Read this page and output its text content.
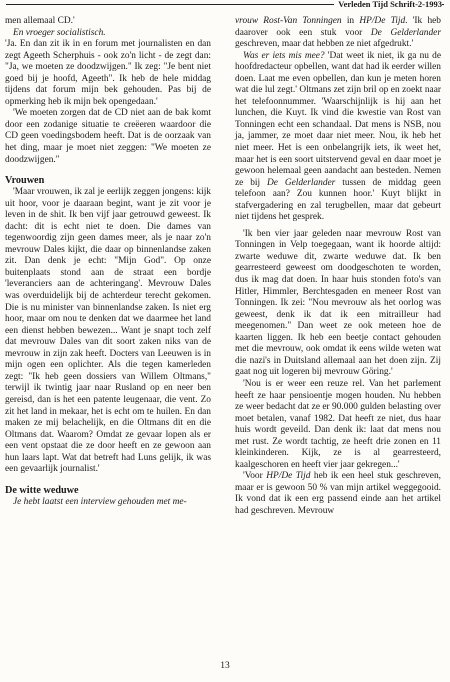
Verleden Tijd Schrift-2-1993

men allemaal CD.'

En vroeger socialistisch.

'Ja. En dan zit ik in en forum met journalisten en dan zegt Ageeth Scherphuis - ook zo'n licht - de zegt dan: "Ja, we moeten ze doodzwijgen." Ik zeg: "Je bent niet goed bij je hoofd, Ageeth". Ik heb de hele middag tijdens dat forum mijn bek gehouden. Pas bij de opmerking heb ik mijn bek opengedaan.'

'We moeten zorgen dat de CD niet aan de bak komt door een zodanige situatie te creëeren waardoor die CD geen voedingsbodem heeft. Dat is de oorzaak van het ding, maar je moet niet zeggen: "We moeten ze doodzwijgen."

Vrouwen

'Maar vrouwen, ik zal je eerlijk zeggen jongens: kijk uit hoor, voor je daaraan begint, want je zit voor je leven in de shit. Ik ben vijf jaar getrouwd geweest. Ik dacht: dit is echt niet te doen. Die dames van tegenwoordig zijn geen dames meer, als je naar zo'n mevrouw Dales kijkt, die daar op binnenlandse zaken zit. Dan denk je echt: "Mijn God". Op onze buitenplaats stond aan de straat een bordje 'leveranciers aan de achteringang'. Mevrouw Dales was overduidelijk bij de achterdeur terecht gekomen. Die is nu minister van binnenlandse zaken. Is niet erg hoor, maar om nou te denken dat we daarmee het land een dienst hebben bewezen... Want je snapt toch zelf dat mevrouw Dales van dit soort zaken niks van de mevrouw in zijn zak heeft. Docters van Leeuwen is in mijn ogen een oplichter. Als die tegen kamerleden zegt: "Ik heb geen dossiers van Willem Oltmans," terwijl ik twintig jaar naar Rusland op en neer ben gereisd, dan is het een patente leugenaar, die vent. Zo zit het land in mekaar, het is echt om te huilen. En dan maken ze mij belachelijk, en die Oltmans dit en die Oltmans dat. Waarom? Omdat ze gevaar lopen als er een vent opstaat die ze door heeft en ze gewoon aan hun laars lapt. Wat dat betreft had Luns gelijk, ik was een gevaarlijk journalist.'

De witte weduwe

Je hebt laatst een interview gehouden met me-

vrouw Rost-Van Tonningen in HP/De Tijd. 'Ik heb daarover ook een stuk voor De Gelderlander geschreven, maar dat hebben ze niet afgedrukt.'

Was er iets mis mee? 'Dat weet ik niet, ik ga nu de hoofdredacteur opbellen, want dat had ik eerder willen doen. Laat me even opbellen, dan kun je meten horen wat die lul zegt.' Oltmans zet zijn bril op en zoekt naar het telefoonnummer. 'Waarschijnlijk is hij aan het lunchen, die Kuyt. Ik vind die kwestie van Rost van Tonningen echt een schandaal. Dat mens is NSB, nou ja, jammer, ze moet daar niet meer. Nou, ik heb het niet meer. Het is een onbelangrijk iets, ik weet het, maar het is een soort uitstervend geval en daar moet je gewoon helemaal geen aandacht aan besteden. Nemen ze bij De Gelderlander tussen de middag geen telefoon aan? Zou kunnen hoor.' Kuyt blijkt in stafvergadering en zal terugbellen, maar dat gebeurt niet tijdens het gesprek.

'Ik ben vier jaar geleden naar mevrouw Rost van Tonningen in Velp toegegaan, want ik hoorde altijd: zwarte weduwe dit, zwarte weduwe dat. Ik ben gearresteerd geweest om doodgeschoten te worden, dus ik mag dat doen. In haar huis stonden foto's van Hitler, Himmler, Berchtesgaden en meneer Rost van Tonningen. Ik zei: "Nou mevrouw als het oorlog was geweest, denk ik dat ik een mitrailleur had meegenomen." Dan weet ze ook meteen hoe de kaarten liggen. Ik heb een beetje contact gehouden met die mevrouw, ook omdat ik eens wilde weten wat die nazi's in Duitsland allemaal aan het doen zijn. Zij gaat nog uit logeren bij mevrouw Göring.'

'Nou is er weer een reuze rel. Van het parlement heeft ze haar pensioentje mogen houden. Nu hebben ze weer bedacht dat ze er 90.000 gulden belasting over moet betalen, vanaf 1982. Dat heeft ze niet, dus haar huis wordt geveild. Dan denk ik: laat dat mens nou met rust. Ze wordt tachtig, ze heeft drie zonen en 11 kleinkinderen. Kijk, ze is al gearresteerd, kaalgeschoren en heeft vier jaar gekregen...'

'Voor HP/De Tijd heb ik een heel stuk geschreven, maar er is gewoon 50 % van mijn artikel weggegooid. Ik vond dat ik een erg passend einde aan het artikel had geschreven. Mevrouw

13
